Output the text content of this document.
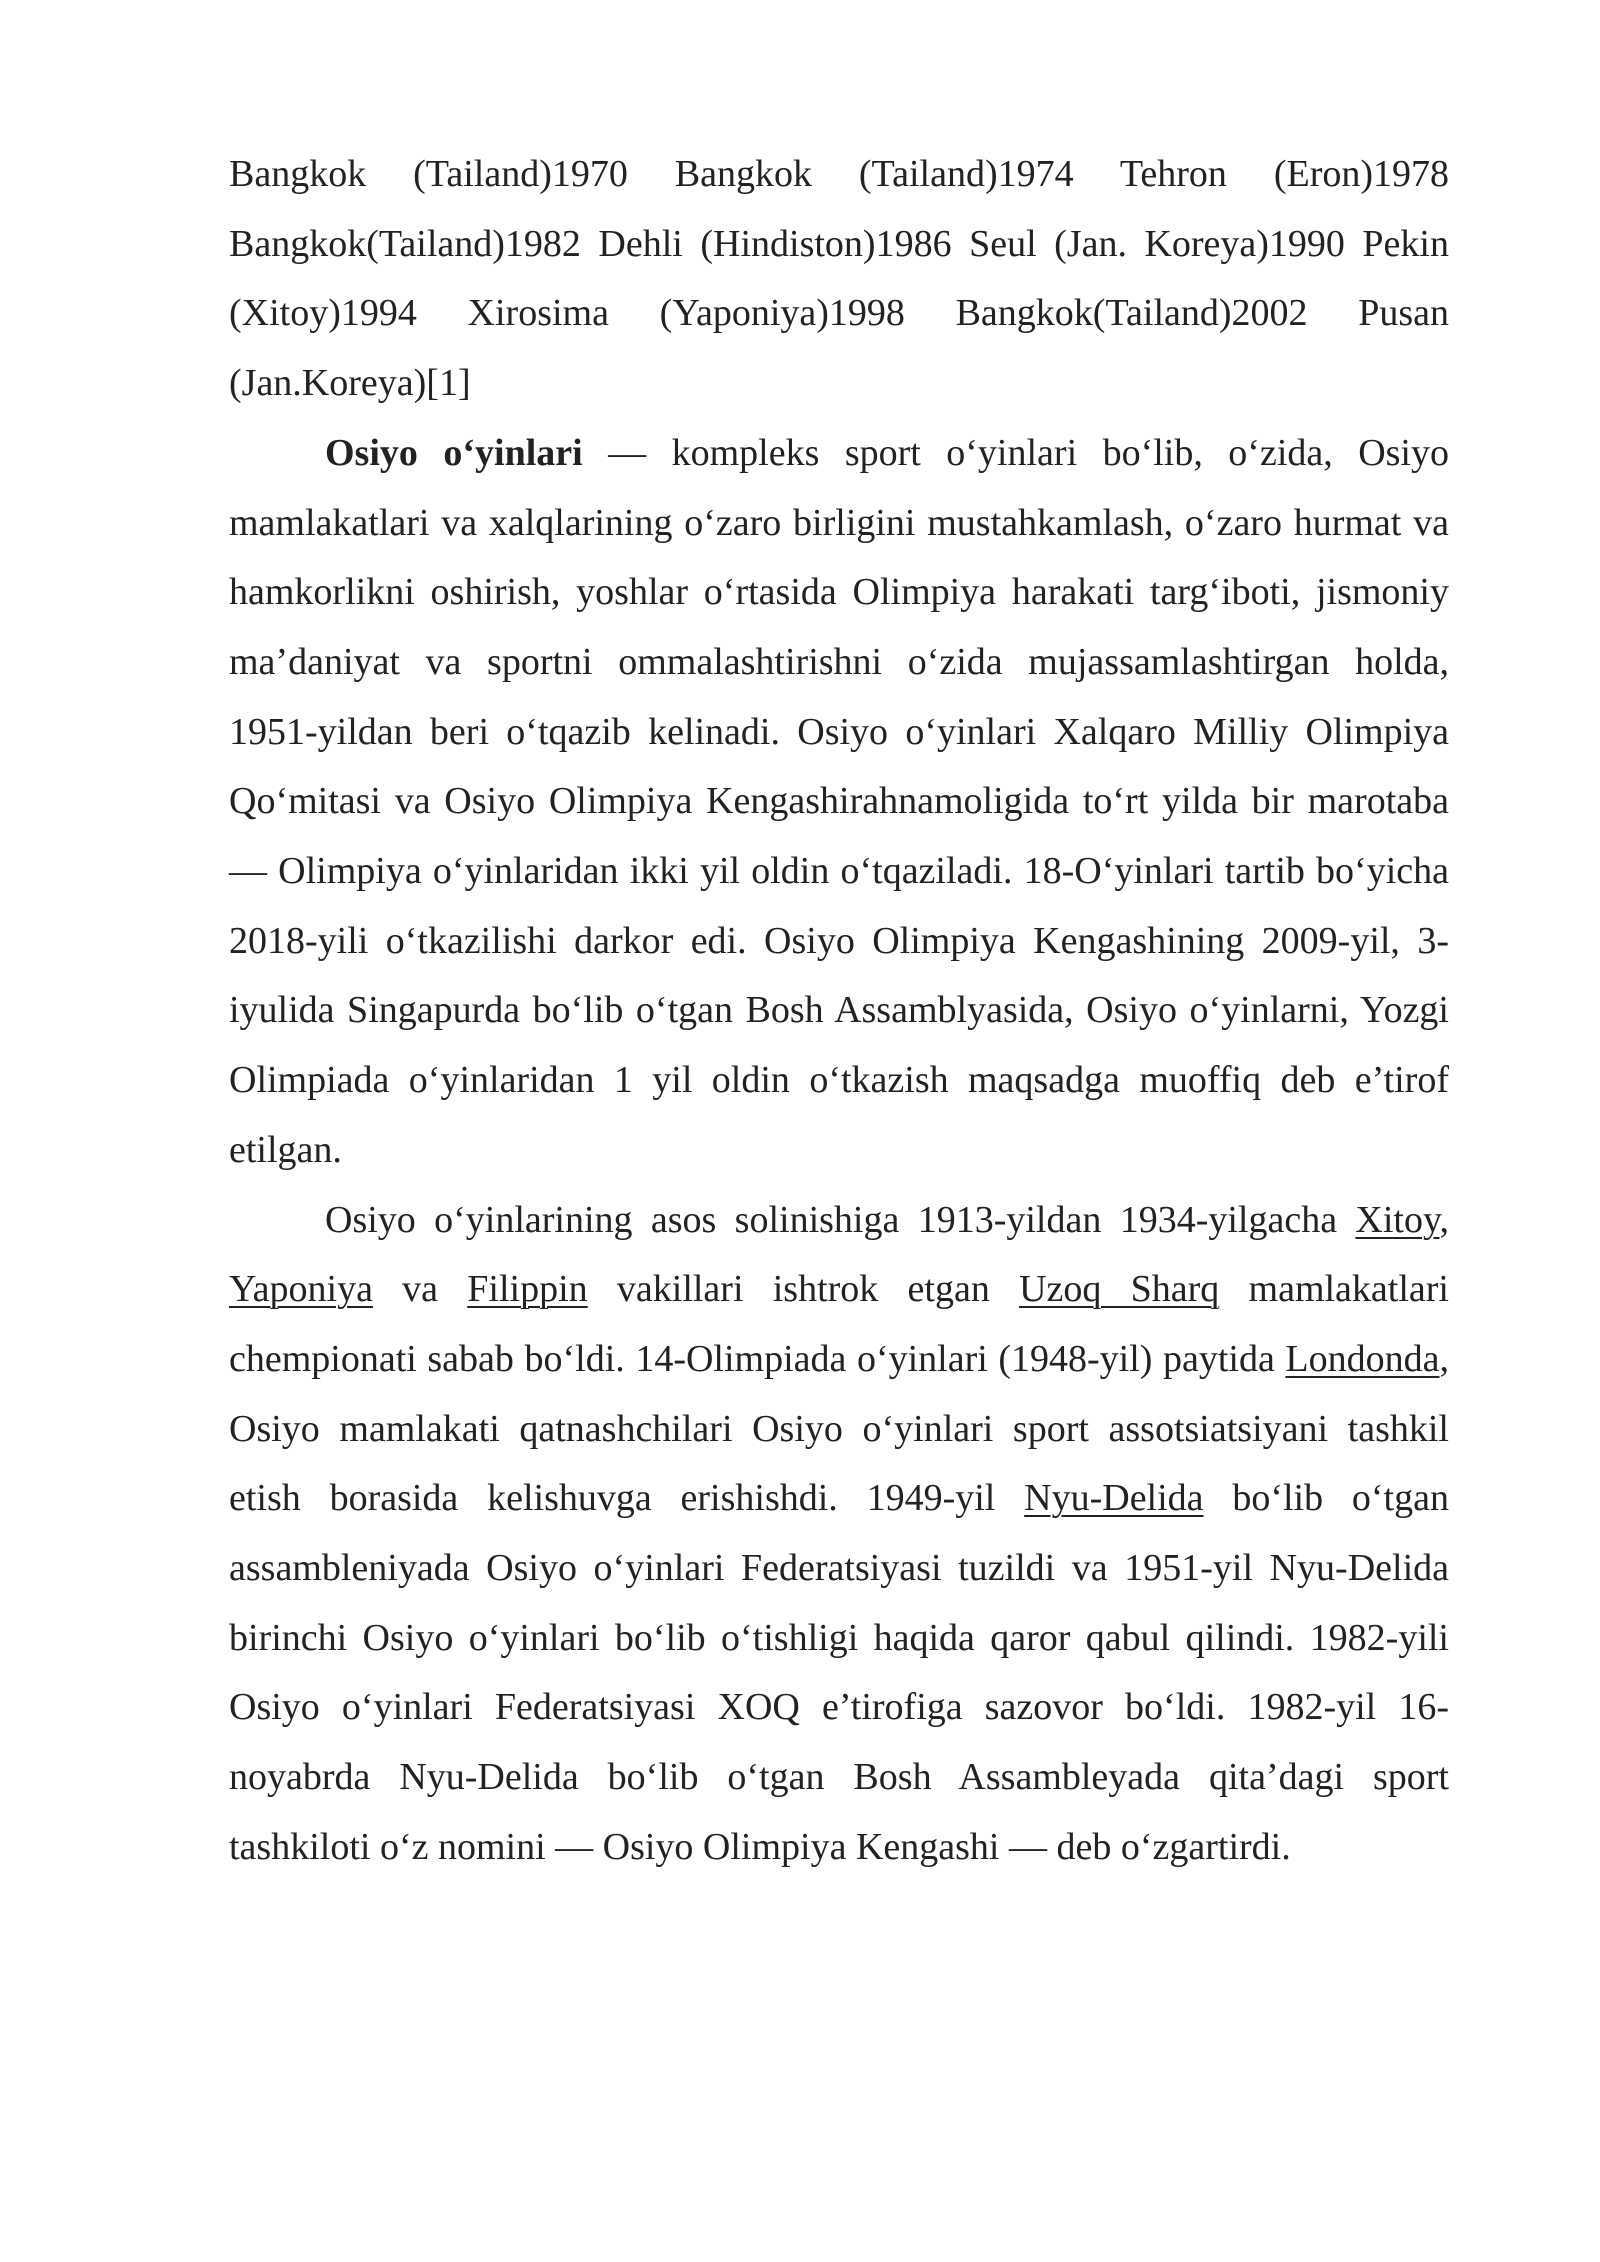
Bangkok (Tailand)1970 Bangkok (Tailand)1974 Tehron (Eron)1978 Bangkok(Tailand)1982 Dehli (Hindiston)1986 Seul (Jan. Koreya)1990 Pekin (Xitoy)1994 Xirosima (Yaponiya)1998 Bangkok(Tailand)2002 Pusan (Jan.Koreya)[1]

Osiyo o‘yinlari — kompleks sport o‘yinlari bo‘lib, o‘zida, Osiyo mamlakatlari va xalqlarining o‘zaro birligini mustahkamlash, o‘zaro hurmat va hamkorlikni oshirish, yoshlar o‘rtasida Olimpiya harakati targ‘iboti, jismoniy ma’daniyat va sportni ommalashtirishni o‘zida mujassamlashtirgan holda, 1951-yildan beri o‘tqazib kelinadi. Osiyo o‘yinlari Xalqaro Milliy Olimpiya Qo‘mitasi va Osiyo Olimpiya Kengashirahnamoligida to‘rt yilda bir marotaba — Olimpiya o‘yinlaridan ikki yil oldin o‘tqaziladi. 18-O‘yinlari tartib bo‘yicha 2018-yili o‘tkazilishi darkor edi. Osiyo Olimpiya Kengashining 2009-yil, 3-iyulida Singapurda bo‘lib o‘tgan Bosh Assamblyasida, Osiyo o‘yinlarni, Yozgi Olimpiada o‘yinlaridan 1 yil oldin o‘tkazish maqsadga muoffiq deb e’tirof etilgan.

Osiyo o‘yinlarining asos solinishiga 1913-yildan 1934-yilgacha Xitoy, Yaponiya va Filippin vakillari ishtrok etgan Uzoq Sharq mamlakatlari chempionati sabab bo‘ldi. 14-Olimpiada o‘yinlari (1948-yil) paytida Londonda, Osiyo mamlakati qatnashchilari Osiyo o‘yinlari sport assotsiatsiyani tashkil etish borasida kelishuvga erishishdi. 1949-yil Nyu-Delida bo‘lib o‘tgan assambleniyada Osiyo o‘yinlari Federatsiyasi tuzildi va 1951-yil Nyu-Delida birinchi Osiyo o‘yinlari bo‘lib o‘tishligi haqida qaror qabul qilindi. 1982-yili Osiyo o‘yinlari Federatsiyasi XOQ e’tirofiga sazovor bo‘ldi. 1982-yil 16-noyabrda Nyu-Delida bo‘lib o‘tgan Bosh Assambleyada qita’dagi sport tashkiloti o‘z nomini — Osiyo Olimpiya Kengashi — deb o‘zgartirdi.
